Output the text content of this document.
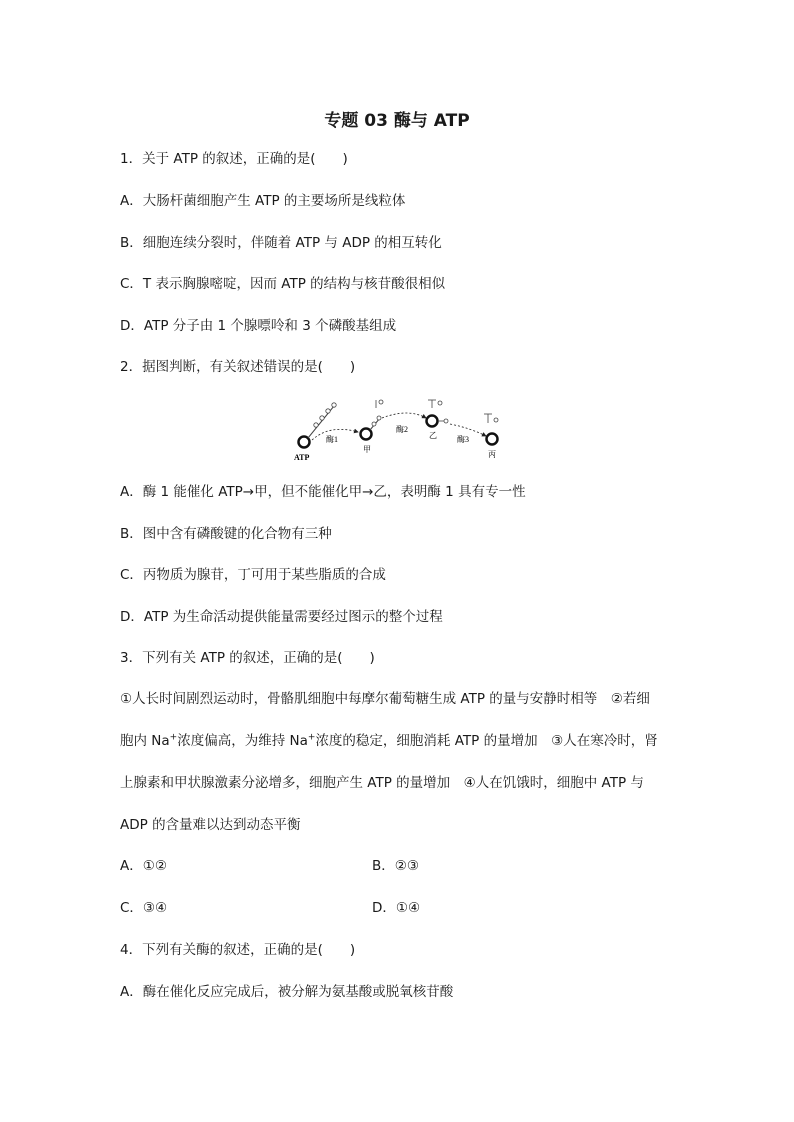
专题 03 酶与 ATP
1．关于 ATP 的叙述，正确的是(　　)
A．大肠杆菌细胞产生 ATP 的主要场所是线粒体
B．细胞连续分裂时，伴随着 ATP 与 ADP 的相互转化
C．T 表示胸腺嘧啶，因而 ATP 的结构与核苷酸很相似
D．ATP 分子由 1 个腺嘌呤和 3 个磷酸基组成
2．据图判断，有关叙述错误的是(　　)
ATP
酶1
甲
酶2
乙	酶3
丙
A．酶 1 能催化 ATP→甲，但不能催化甲→乙，表明酶 1 具有专一性
B．图中含有磷酸键的化合物有三种
C．丙物质为腺苷，丁可用于某些脂质的合成
D．ATP 为生命活动提供能量需要经过图示的整个过程
3．下列有关 ATP 的叙述，正确的是(　　)
①人长时间剧烈运动时，骨骼肌细胞中每摩尔葡萄糖生成 ATP 的量与安静时相等　②若细
胞内 Na+浓度偏高，为维持 Na+浓度的稳定，细胞消耗 ATP 的量增加　③人在寒冷时，肾
上腺素和甲状腺激素分泌增多，细胞产生 ATP 的量增加　④人在饥饿时，细胞中 ATP 与
ADP 的含量难以达到动态平衡
A．①②	B．②③
C．③④	D．①④
4．下列有关酶的叙述，正确的是(　　)
A．酶在催化反应完成后，被分解为氨基酸或脱氧核苷酸
